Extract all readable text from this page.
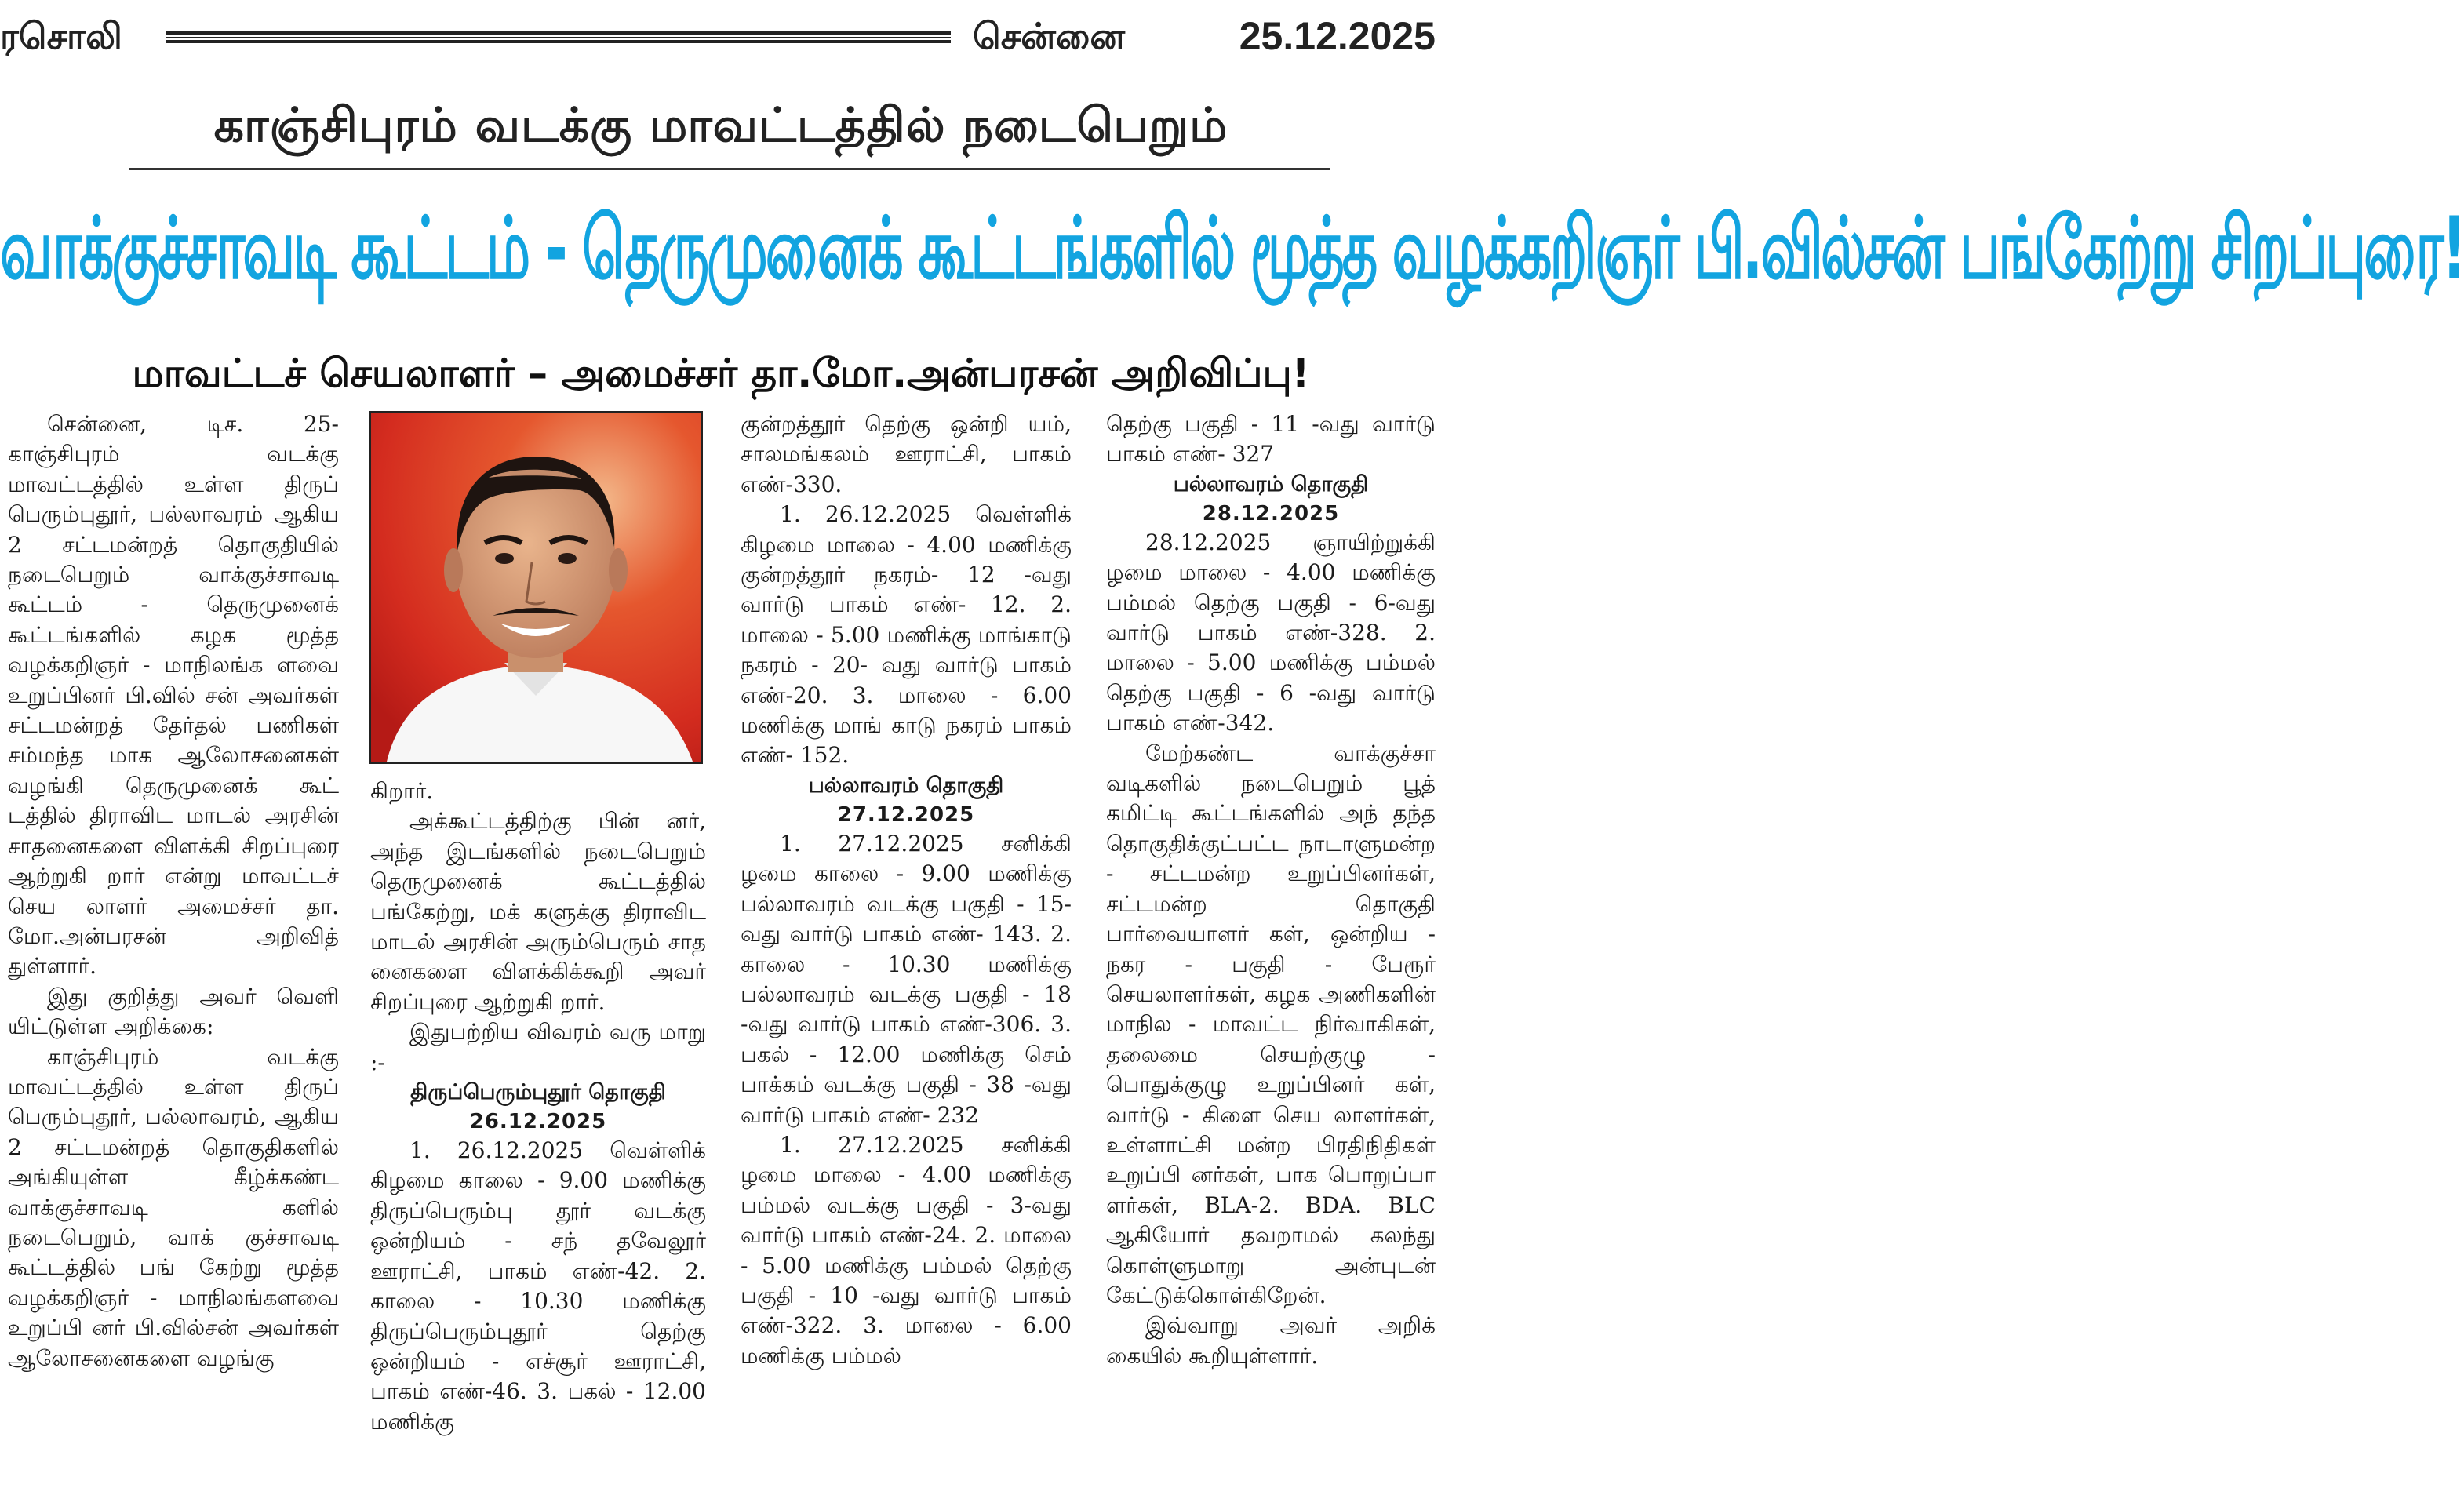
ரசொலி	சென்னை	25.12.2025
காஞ்சிபுரம் வடக்கு மாவட்டத்தில் நடைபெறும்
வாக்குச்சாவடி கூட்டம் - தெருமுனைக் கூட்டங்களில் மூத்த வழக்கறிஞர் பி.வில்சன் பங்கேற்று சிறப்புரை!
மாவட்டச் செயலாளர் – அமைச்சர் தா.மோ.அன்பரசன் அறிவிப்பு!

சென்னை, டிச. 25- காஞ்சிபுரம் வடக்கு மாவட்டத்தில் உள்ள திருப் பெரும்புதூர், பல்லாவரம் ஆகிய 2 சட்டமன்றத் தொகுதியில் நடைபெறும் வாக்குச்சாவடி கூட்டம் - தெருமுனைக் கூட்டங்களில் கழக மூத்த வழக்கறிஞர் - மாநிலங்க ளவை உறுப்பினர் பி.வில் சன் அவர்கள் சட்டமன்றத் தேர்தல் பணிகள் சம்மந்த மாக ஆலோசனைகள் வழங்கி தெருமுனைக் கூட் டத்தில் திராவிட மாடல் அரசின் சாதனைகளை விளக்கி சிறப்புரை ஆற்றுகி றார் என்று மாவட்டச் செய லாளர் அமைச்சர் தா. மோ.அன்பரசன் அறிவித் துள்ளார்.

இது குறித்து அவர் வெளி யிட்டுள்ள அறிக்கை:

காஞ்சிபுரம் வடக்கு மாவட்டத்தில் உள்ள திருப் பெரும்புதூர், பல்லாவரம், ஆகிய 2 சட்டமன்றத் தொகுதிகளில் அங்கியுள்ள கீழ்க்கண்ட வாக்குச்சாவடி களில் நடைபெறும், வாக் குச்சாவடி கூட்டத்தில் பங் கேற்று மூத்த வழக்கறிஞர் - மாநிலங்களவை உறுப்பி னர் பி.வில்சன் அவர்கள் ஆலோசனைகளை வழங்கு

கிறார்.

அக்கூட்டத்திற்கு பின் னர், அந்த இடங்களில் நடைபெறும் தெருமுனைக் கூட்டத்தில் பங்கேற்று, மக் களுக்கு திராவிட மாடல் அரசின் அரும்பெரும் சாத னைகளை விளக்கிக்கூறி அவர் சிறப்புரை ஆற்றுகி றார்.

இதுபற்றிய விவரம் வரு மாறு :-

திருப்பெரும்புதூர் தொகுதி
26.12.2025

1. 26.12.2025 வெள்ளிக் கிழமை காலை - 9.00 மணிக்கு திருப்பெரும்பு தூர் வடக்கு ஒன்றியம் - சந் தவேலூர் ஊராட்சி, பாகம் எண்-42. 2. காலை - 10.30 மணிக்கு திருப்பெரும்புதூர் தெற்கு ஒன்றியம் - எச்சூர் ஊராட்சி, பாகம் எண்-46. 3. பகல் - 12.00 மணிக்கு

குன்றத்தூர் தெற்கு ஒன்றி யம், சாலமங்கலம் ஊராட்சி, பாகம் எண்-330.

1. 26.12.2025 வெள்ளிக் கிழமை மாலை - 4.00 மணிக்கு குன்றத்தூர் நகரம்- 12 -வது வார்டு பாகம் எண்- 12. 2. மாலை - 5.00 மணிக்கு மாங்காடு நகரம் - 20- வது வார்டு பாகம் எண்-20. 3. மாலை - 6.00 மணிக்கு மாங் காடு நகரம் பாகம் எண்- 152.

பல்லாவரம் தொகுதி
27.12.2025

1. 27.12.2025 சனிக்கி ழமை காலை - 9.00 மணிக்கு பல்லாவரம் வடக்கு பகுதி - 15-வது வார்டு பாகம் எண்- 143. 2. காலை - 10.30 மணிக்கு பல்லாவரம் வடக்கு பகுதி - 18 -வது வார்டு பாகம் எண்-306. 3. பகல் - 12.00 மணிக்கு செம் பாக்கம் வடக்கு பகுதி - 38 -வது வார்டு பாகம் எண்- 232

1. 27.12.2025 சனிக்கி ழமை மாலை - 4.00 மணிக்கு பம்மல் வடக்கு பகுதி - 3-வது வார்டு பாகம் எண்-24. 2. மாலை - 5.00 மணிக்கு பம்மல் தெற்கு பகுதி - 10 -வது வார்டு பாகம் எண்-322. 3. மாலை - 6.00 மணிக்கு பம்மல்

தெற்கு பகுதி - 11 -வது வார்டு பாகம் எண்- 327

பல்லாவரம் தொகுதி
28.12.2025

28.12.2025 ஞாயிற்றுக்கி ழமை மாலை - 4.00 மணிக்கு பம்மல் தெற்கு பகுதி - 6-வது வார்டு பாகம் எண்-328. 2. மாலை - 5.00 மணிக்கு பம்மல் தெற்கு பகுதி - 6 -வது வார்டு பாகம் எண்-342.

மேற்கண்ட வாக்குச்சா வடிகளில் நடைபெறும் பூத் கமிட்டி கூட்டங்களில் அந் தந்த தொகுதிக்குட்பட்ட நாடாளுமன்ற - சட்டமன்ற உறுப்பினர்கள், சட்டமன்ற தொகுதி பார்வையாளர் கள், ஒன்றிய - நகர - பகுதி - பேரூர் செயலாளர்கள், கழக அணிகளின் மாநில - மாவட்ட நிர்வாகிகள், தலைமை செயற்குழு - பொதுக்குழு உறுப்பினர் கள், வார்டு - கிளை செய லாளர்கள், உள்ளாட்சி மன்ற பிரதிநிதிகள் உறுப்பி னர்கள், பாக பொறுப்பா ளர்கள், BLA-2. BDA. BLC ஆகியோர் தவறாமல் கலந்து கொள்ளுமாறு அன்புடன் கேட்டுக்கொள்கிறேன்.

இவ்வாறு அவர் அறிக் கையில் கூறியுள்ளார்.
